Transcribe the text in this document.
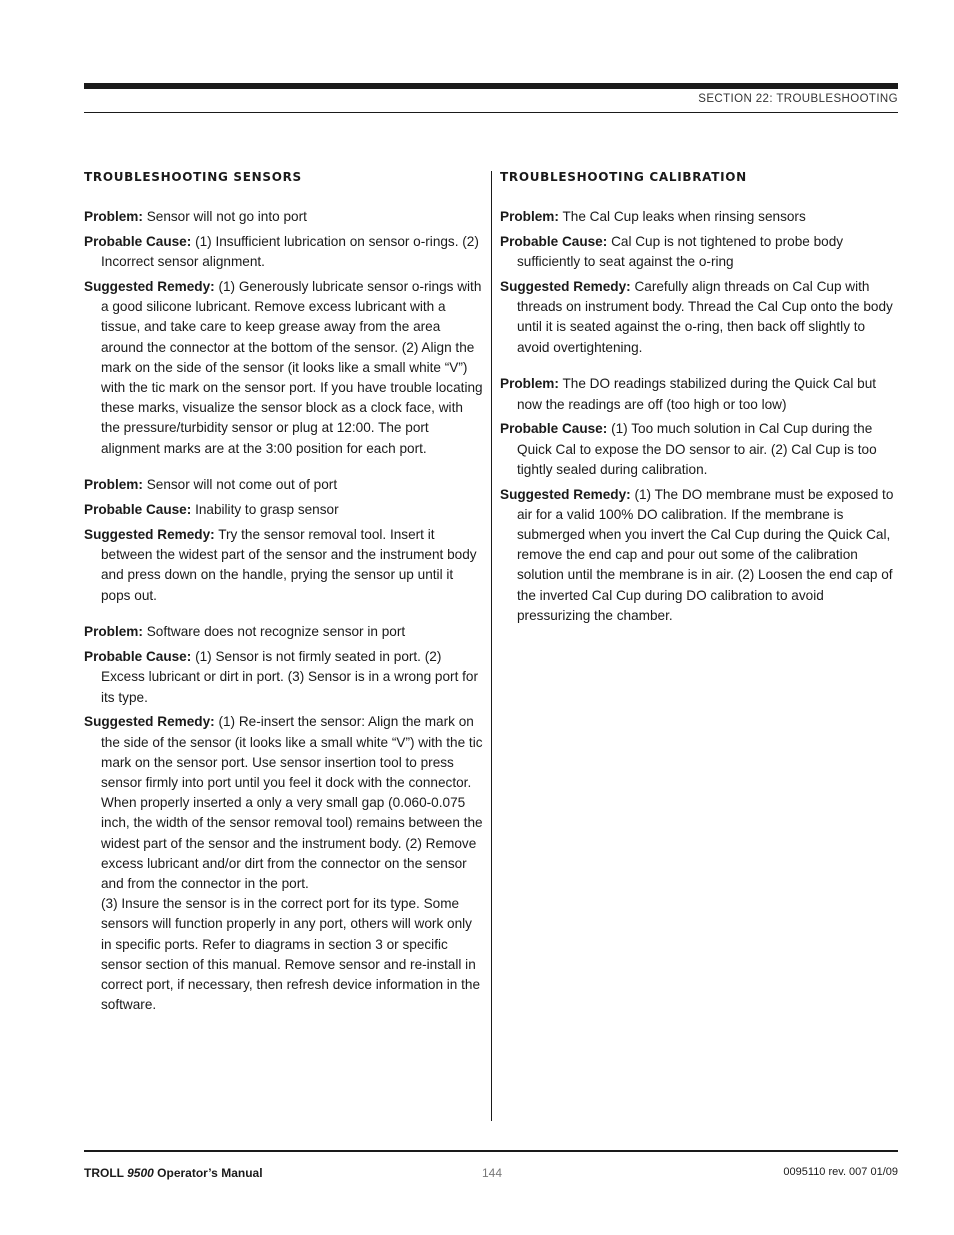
SECTION 22: TROUBLESHOOTING
TROUBLESHOOTING SENSORS

Problem: Sensor will not go into port

Probable Cause: (1) Insufficient lubrication on sensor o-rings. (2) Incorrect sensor alignment.

Suggested Remedy: (1) Generously lubricate sensor o-rings with a good silicone lubricant. Remove excess lubricant with a tissue, and take care to keep grease away from the area around the connector at the bottom of the sensor. (2) Align the mark on the side of the sensor (it looks like a small white “V”) with the tic mark on the sensor port. If you have trouble locating these marks, visualize the sensor block as a clock face, with the pressure/turbidity sensor or plug at 12:00. The port alignment marks are at the 3:00 position for each port.

Problem: Sensor will not come out of port

Probable Cause: Inability to grasp sensor

Suggested Remedy: Try the sensor removal tool. Insert it between the widest part of the sensor and the instrument body and press down on the handle, prying the sensor up until it pops out.

Problem: Software does not recognize sensor in port

Probable Cause: (1) Sensor is not firmly seated in port. (2) Excess lubricant or dirt in port. (3) Sensor is in a wrong port for its type.

Suggested Remedy: (1) Re-insert the sensor: Align the mark on the side of the sensor (it looks like a small white “V”) with the tic mark on the sensor port. Use sensor insertion tool to press sensor firmly into port until you feel it dock with the connector. When properly inserted a only a very small gap (0.060-0.075 inch, the width of the sensor removal tool) remains between the widest part of the sensor and the instrument body. (2) Remove excess lubricant and/or dirt from the connector on the sensor and from the connector in the port.

(3) Insure the sensor is in the correct port for its type. Some sensors will function properly in any port, others will work only in specific ports. Refer to diagrams in section 3 or specific sensor section of this manual. Remove sensor and re-install in correct port, if necessary, then refresh device information in the software.

TROUBLESHOOTING CALIBRATION

Problem: The Cal Cup leaks when rinsing sensors

Probable Cause: Cal Cup is not tightened to probe body sufficiently to seat against the o-ring

Suggested Remedy: Carefully align threads on Cal Cup with threads on instrument body. Thread the Cal Cup onto the body until it is seated against the o-ring, then back off slightly to avoid overtightening.

Problem: The DO readings stabilized during the Quick Cal but now the readings are off (too high or too low)

Probable Cause: (1) Too much solution in Cal Cup during the Quick Cal to expose the DO sensor to air. (2) Cal Cup is too tightly sealed during calibration.

Suggested Remedy: (1) The DO membrane must be exposed to air for a valid 100% DO calibration. If the membrane is submerged when you invert the Cal Cup during the Quick Cal, remove the end cap and pour out some of the calibration solution until the membrane is in air. (2) Loosen the end cap of the inverted Cal Cup during DO calibration to avoid pressurizing the chamber.

TROLL 9500 Operator’s Manual	144	0095110 rev. 007 01/09
